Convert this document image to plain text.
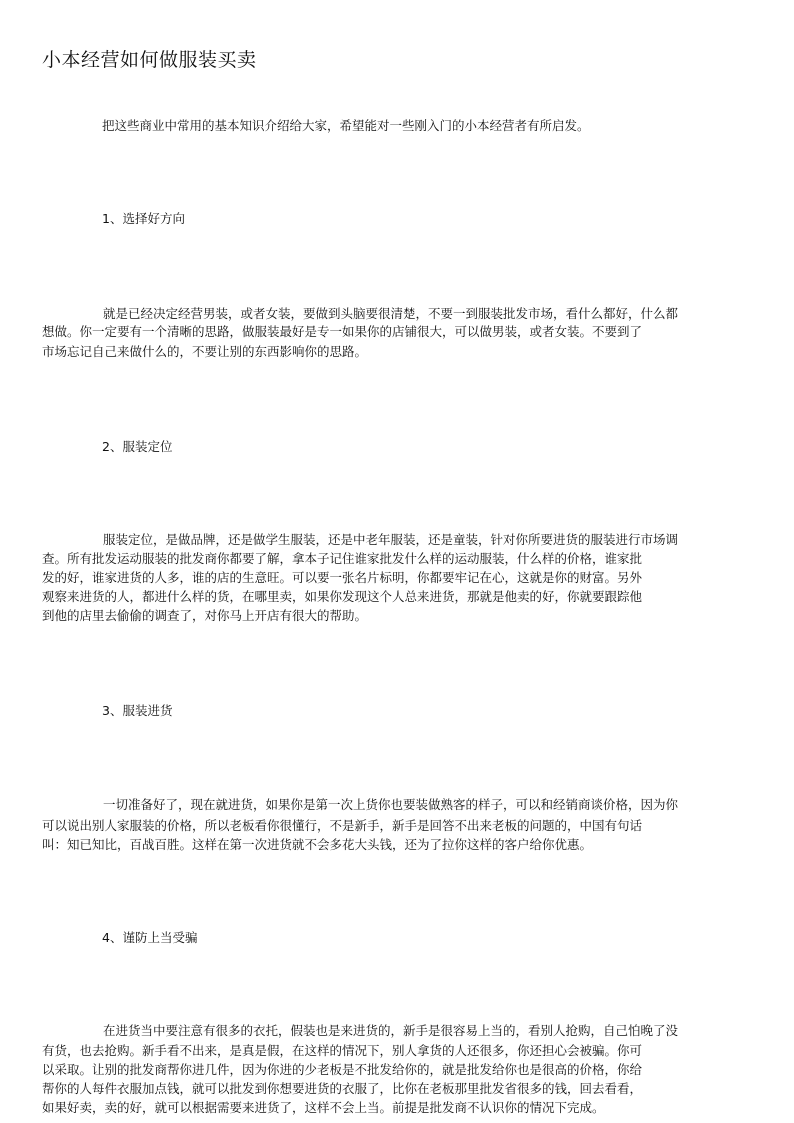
小本经营如何做服装买卖
把这些商业中常用的基本知识介绍给大家，希望能对一些刚入门的小本经营者有所启发。
1、选择好方向
就是已经决定经营男装，或者女装，要做到头脑要很清楚，不要一到服装批发市场，看什么都好，什么都
想做。你一定要有一个清晰的思路，做服装最好是专一如果你的店铺很大，可以做男装，或者女装。不要到了
市场忘记自己来做什么的，不要让别的东西影响你的思路。
2、服装定位
服装定位，是做品牌，还是做学生服装，还是中老年服装，还是童装，针对你所要进货的服装进行市场调
查。所有批发运动服装的批发商你都要了解，拿本子记住谁家批发什么样的运动服装，什么样的价格，谁家批
发的好，谁家进货的人多，谁的店的生意旺。可以要一张名片标明，你都要牢记在心，这就是你的财富。另外
观察来进货的人，都进什么样的货，在哪里卖，如果你发现这个人总来进货，那就是他卖的好，你就要跟踪他
到他的店里去偷偷的调查了，对你马上开店有很大的帮助。
3、服装进货
一切准备好了，现在就进货，如果你是第一次上货你也要装做熟客的样子，可以和经销商谈价格，因为你
可以说出别人家服装的价格，所以老板看你很懂行，不是新手，新手是回答不出来老板的问题的，中国有句话
叫：知已知比，百战百胜。这样在第一次进货就不会多花大头钱，还为了拉你这样的客户给你优惠。
4、谨防上当受骗
在进货当中要注意有很多的衣托，假装也是来进货的，新手是很容易上当的，看别人抢购，自己怕晚了没
有货，也去抢购。新手看不出来，是真是假，在这样的情况下，别人拿货的人还很多，你还担心会被骗。你可
以采取。让别的批发商帮你进几件，因为你进的少老板是不批发给你的，就是批发给你也是很高的价格，你给
帮你的人每件衣服加点钱，就可以批发到你想要进货的衣服了，比你在老板那里批发省很多的钱，回去看看，
如果好卖，卖的好，就可以根据需要来进货了，这样不会上当。前提是批发商不认识你的情况下完成。
